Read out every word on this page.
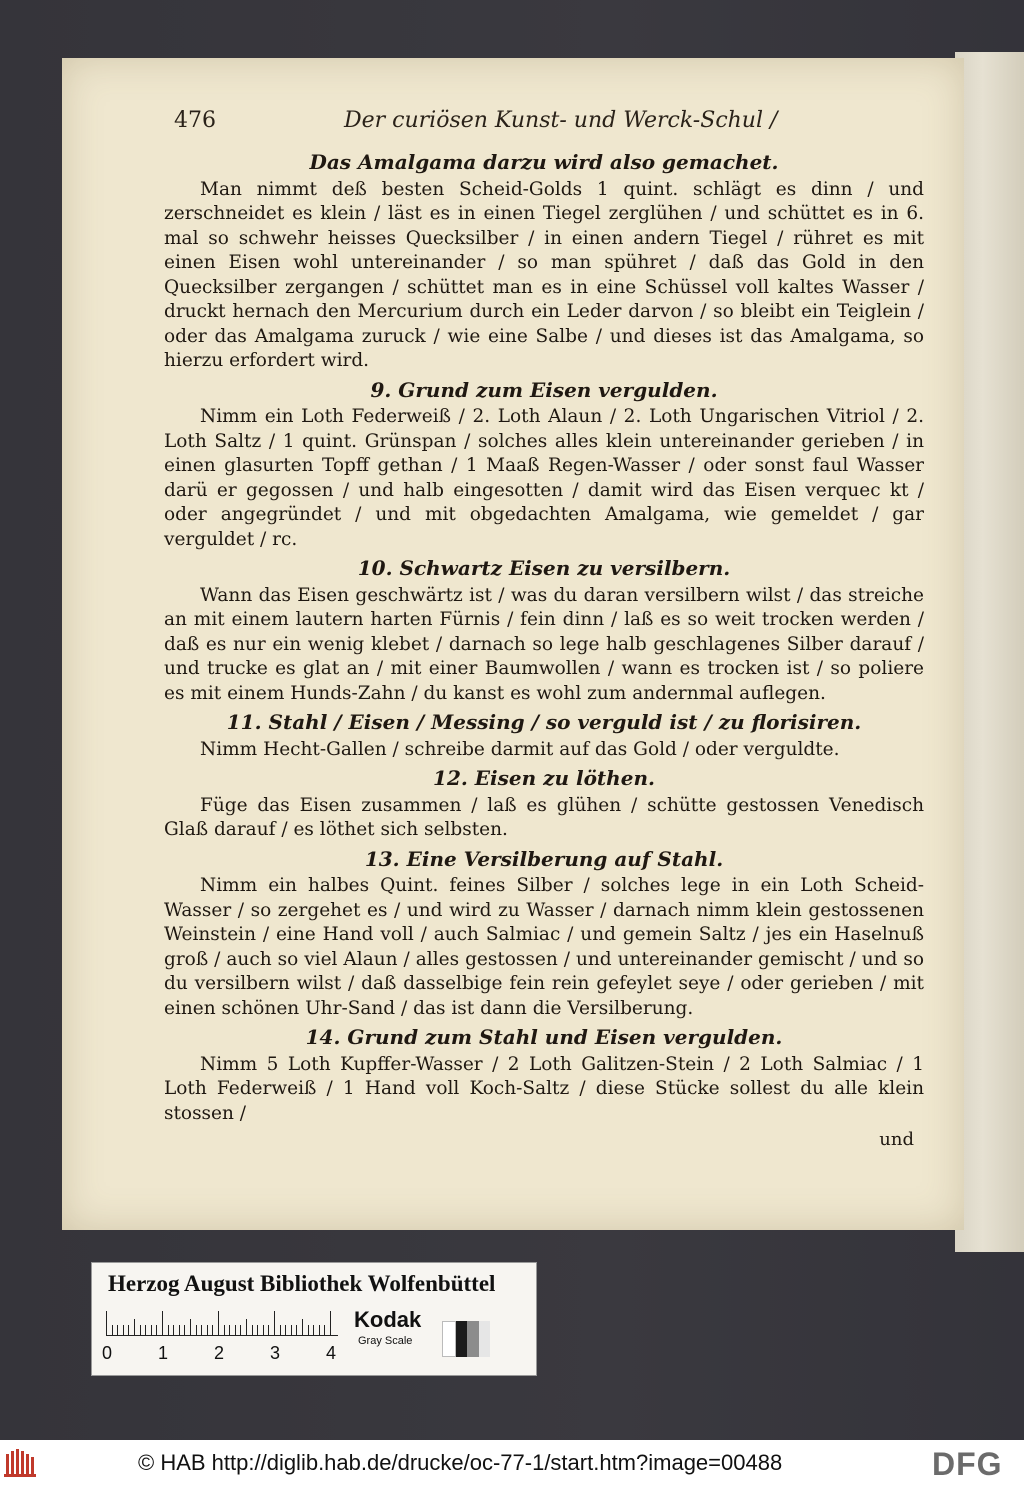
476	Der curiösen Kunst- und Werck-Schul /
Das Amalgama darzu wird also gemachet.

Man nimmt deß besten Scheid-Golds 1 quint. schlägt es dinn / und zerschneidet es klein / läst es in einen Tiegel zerglühen / und schüttet es in 6. mal so schwehr heisses Quecksilber / in einen andern Tiegel / rühret es mit einen Eisen wohl untereinander / so man spühret / daß das Gold in den Quecksilber zergangen / schüttet man es in eine Schüssel voll kaltes Wasser / druckt hernach den Mercurium durch ein Leder darvon / so bleibt ein Teiglein / oder das Amalgama zuruck / wie eine Salbe / und dieses ist das Amalgama, so hierzu erfordert wird.

9. Grund zum Eisen vergulden.

Nimm ein Loth Federweiß / 2. Loth Alaun / 2. Loth Ungarischen Vitriol / 2. Loth Saltz / 1 quint. Grünspan / solches alles klein untereinander gerieben / in einen glasurten Topff gethan / 1 Maaß Regen-Wasser / oder sonst faul Wasser darü er gegossen / und halb eingesotten / damit wird das Eisen verquec kt / oder angegründet / und mit obgedachten Amalgama, wie gemeldet / gar verguldet / rc.

10. Schwartz Eisen zu versilbern.

Wann das Eisen geschwärtz ist / was du daran versilbern wilst / das streiche an mit einem lautern harten Fürnis / fein dinn / laß es so weit trocken werden / daß es nur ein wenig klebet / darnach so lege halb geschlagenes Silber darauf / und trucke es glat an / mit einer Baumwollen / wann es trocken ist / so poliere es mit einem Hunds-Zahn / du kanst es wohl zum andernmal auflegen.

11. Stahl / Eisen / Messing / so verguld ist / zu florisiren.

Nimm Hecht-Gallen / schreibe darmit auf das Gold / oder verguldte.

12. Eisen zu löthen.

Füge das Eisen zusammen / laß es glühen / schütte gestossen Venedisch Glaß darauf / es löthet sich selbsten.

13. Eine Versilberung auf Stahl.

Nimm ein halbes Quint. feines Silber / solches lege in ein Loth Scheid-Wasser / so zergehet es / und wird zu Wasser / darnach nimm klein gestossenen Weinstein / eine Hand voll / auch Salmiac / und gemein Saltz / jes ein Haselnuß groß / auch so viel Alaun / alles gestossen / und untereinander gemischt / und so du versilbern wilst / daß dasselbige fein rein gefeylet seye / oder gerieben / mit einen schönen Uhr-Sand / das ist dann die Versilberung.

14. Grund zum Stahl und Eisen vergulden.

Nimm 5 Loth Kupffer-Wasser / 2 Loth Galitzen-Stein / 2 Loth Salmiac / 1 Loth Federweiß / 1 Hand voll Koch-Saltz / diese Stücke sollest du alle klein stossen /

und
Herzog August Bibliothek Wolfenbüttel
0	1	2	3	4
Kodak
Gray Scale
© HAB http://diglib.hab.de/drucke/oc-77-1/start.htm?image=00488	DFG
